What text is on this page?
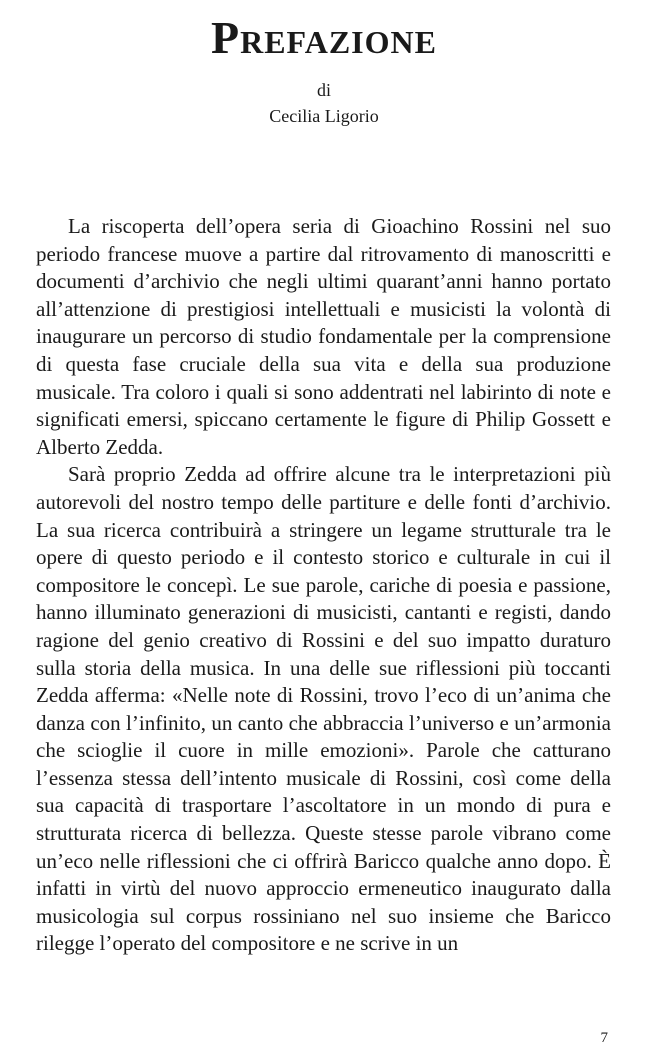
Prefazione
di
Cecilia Ligorio

La riscoperta dell’opera seria di Gioachino Rossini nel suo periodo francese muove a partire dal ritrovamento di manoscritti e documenti d’archivio che negli ultimi quarant’anni hanno portato all’attenzione di prestigiosi intellettuali e musicisti la volontà di inaugurare un percorso di studio fondamentale per la comprensione di questa fase cruciale della sua vita e della sua produzione musicale. Tra coloro i quali si sono addentrati nel labirinto di note e significati emersi, spiccano certamente le figure di Philip Gossett e Alberto Zedda.

Sarà proprio Zedda ad offrire alcune tra le interpretazioni più autorevoli del nostro tempo delle partiture e delle fonti d’archivio. La sua ricerca contribuirà a stringere un legame strutturale tra le opere di questo periodo e il contesto storico e culturale in cui il compositore le concepì. Le sue parole, cariche di poesia e passione, hanno illuminato generazioni di musicisti, cantanti e registi, dando ragione del genio creativo di Rossini e del suo impatto duraturo sulla storia della musica. In una delle sue riflessioni più toccanti Zedda afferma: «Nelle note di Rossini, trovo l’eco di un’anima che danza con l’infinito, un canto che abbraccia l’universo e un’armonia che scioglie il cuore in mille emozioni». Parole che catturano l’essenza stessa dell’intento musicale di Rossini, così come della sua capacità di trasportare l’ascoltatore in un mondo di pura e strutturata ricerca di bellezza. Queste stesse parole vibrano come un’eco nelle riflessioni che ci offrirà Baricco qualche anno dopo. È infatti in virtù del nuovo approccio ermeneutico inaugurato dalla musicologia sul corpus rossiniano nel suo insieme che Baricco rilegge l’operato del compositore e ne scrive in un

7
